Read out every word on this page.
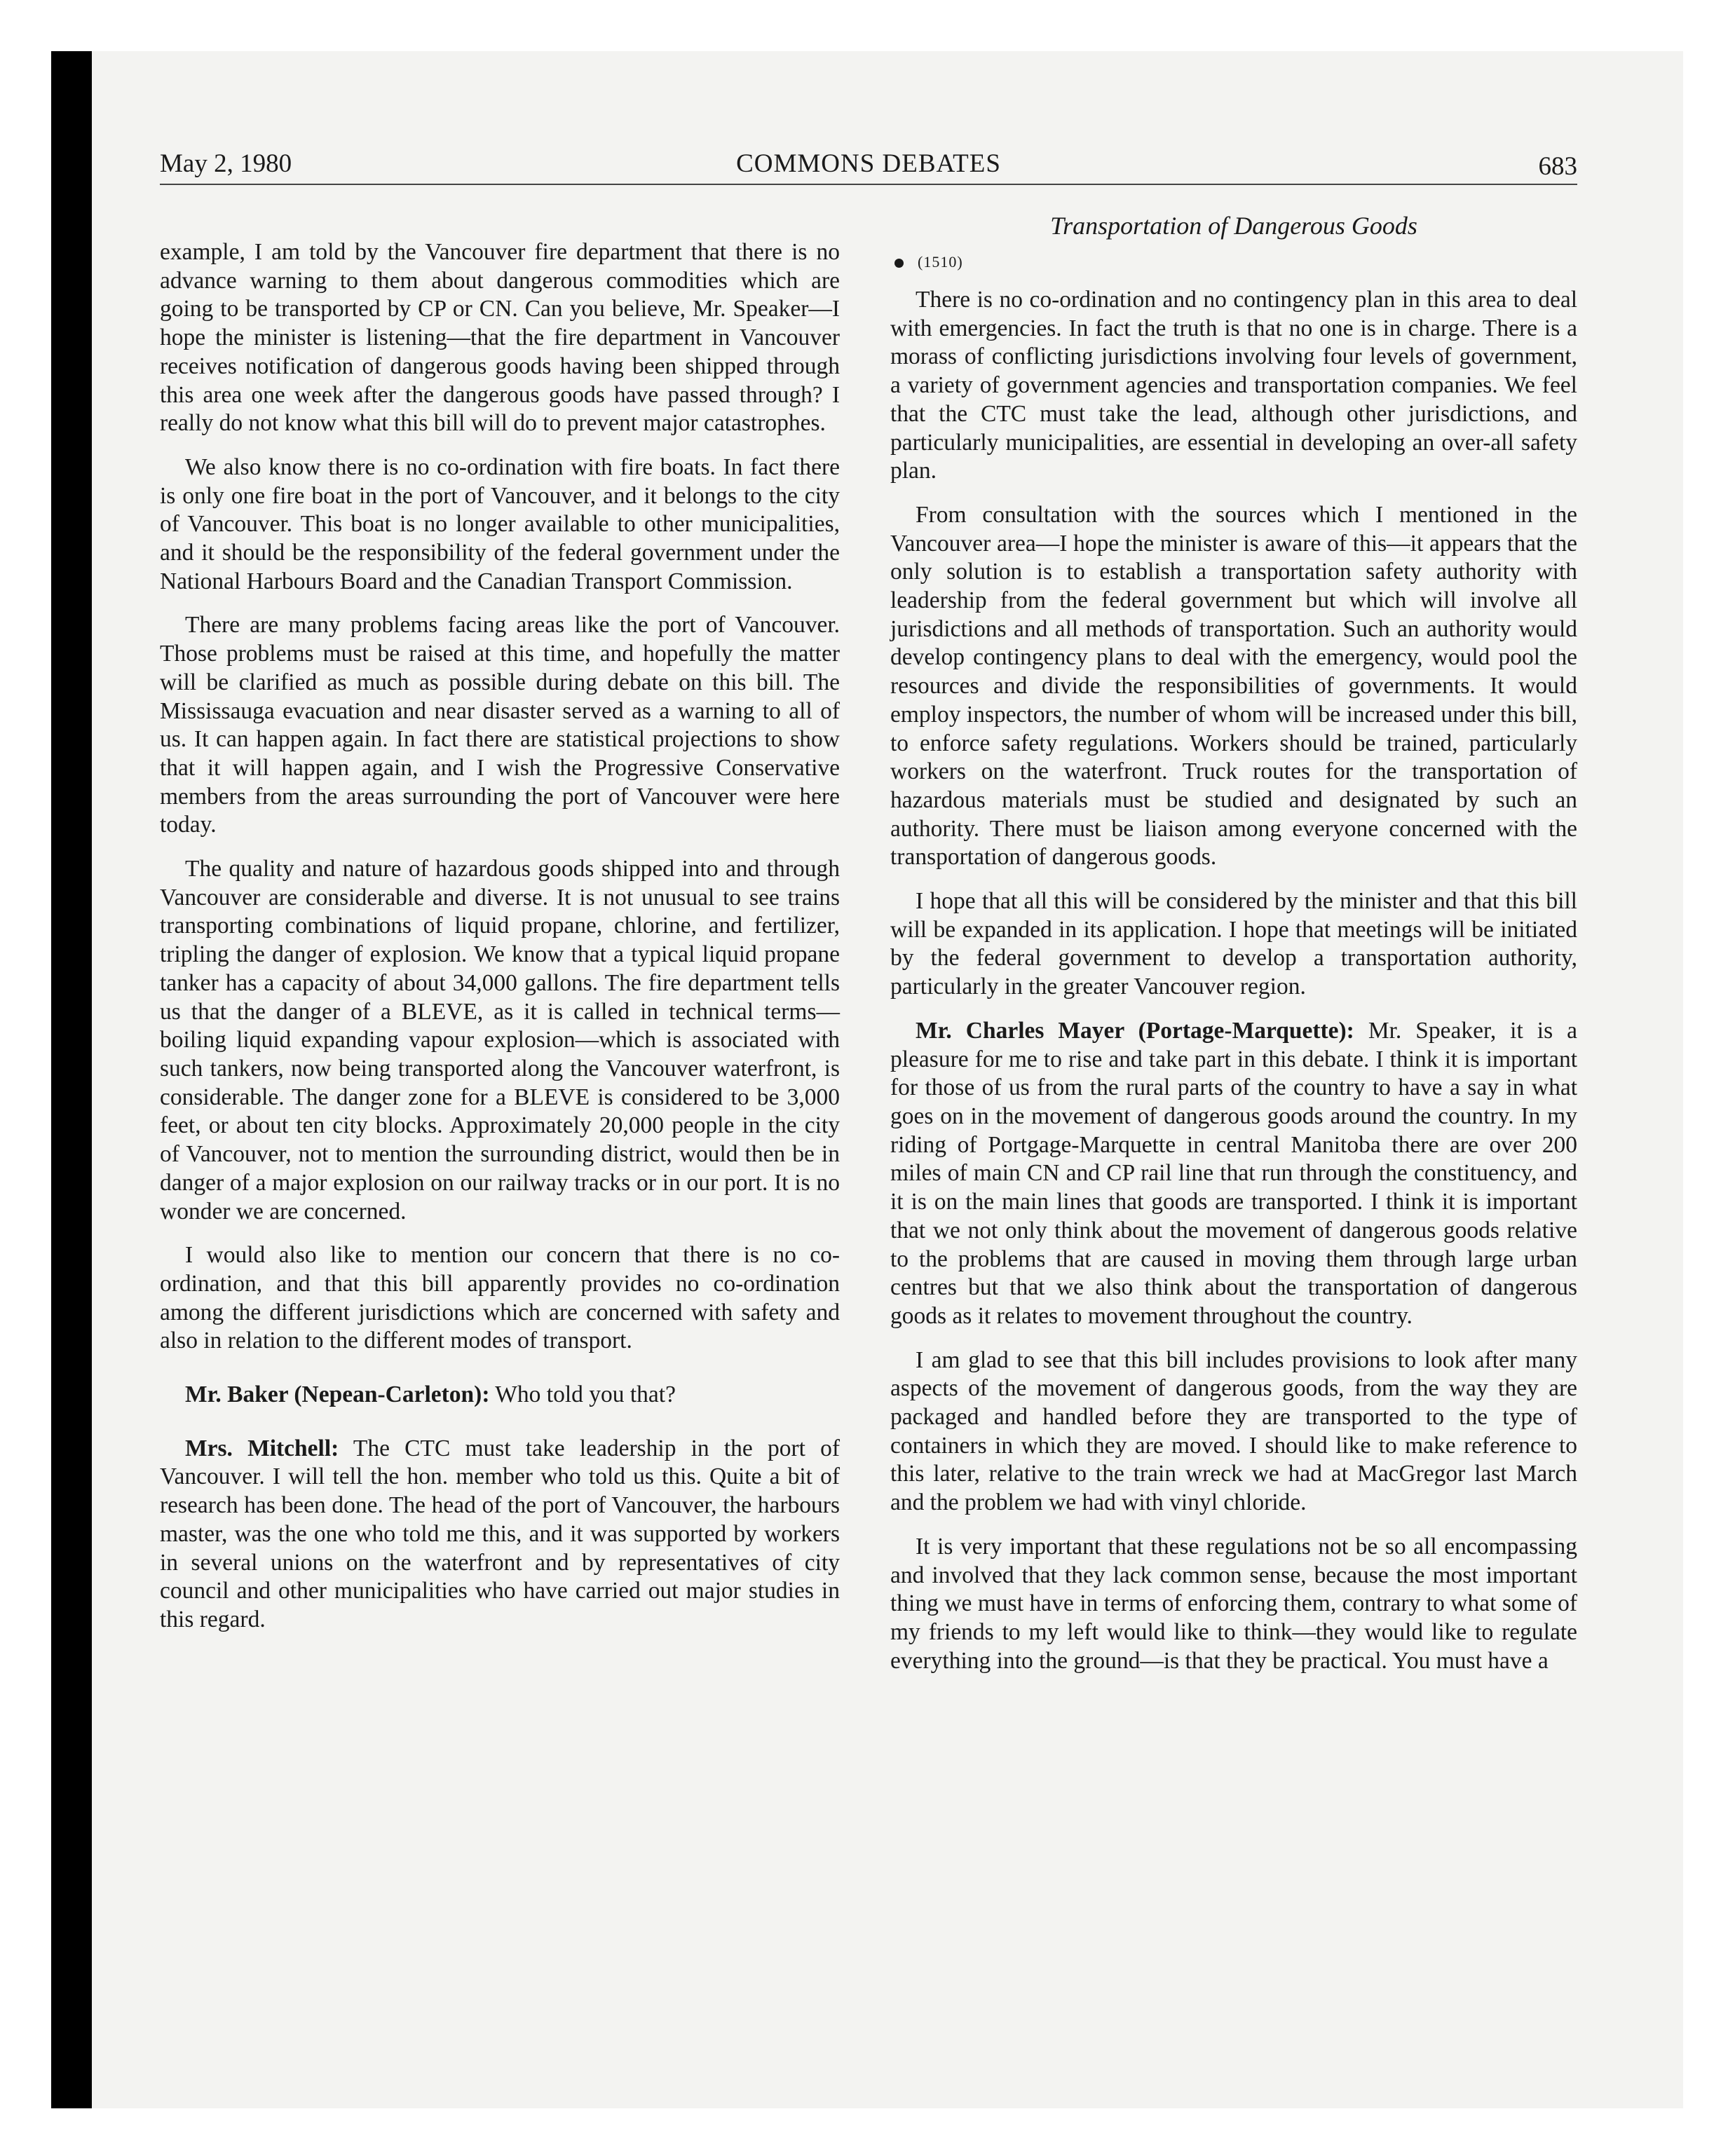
May 2, 1980	COMMONS DEBATES	683

example, I am told by the Vancouver fire department that there is no advance warning to them about dangerous commodities which are going to be transported by CP or CN. Can you believe, Mr. Speaker—I hope the minister is listening—that the fire department in Vancouver receives notification of dangerous goods having been shipped through this area one week after the dangerous goods have passed through? I really do not know what this bill will do to prevent major catastrophes.

We also know there is no co-ordination with fire boats. In fact there is only one fire boat in the port of Vancouver, and it belongs to the city of Vancouver. This boat is no longer available to other municipalities, and it should be the responsibility of the federal government under the National Harbours Board and the Canadian Transport Commission.

There are many problems facing areas like the port of Vancouver. Those problems must be raised at this time, and hopefully the matter will be clarified as much as possible during debate on this bill. The Mississauga evacuation and near disaster served as a warning to all of us. It can happen again. In fact there are statistical projections to show that it will happen again, and I wish the Progressive Conservative members from the areas surrounding the port of Vancouver were here today.

The quality and nature of hazardous goods shipped into and through Vancouver are considerable and diverse. It is not unusual to see trains transporting combinations of liquid propane, chlorine, and fertilizer, tripling the danger of explosion. We know that a typical liquid propane tanker has a capacity of about 34,000 gallons. The fire department tells us that the danger of a BLEVE, as it is called in technical terms—boiling liquid expanding vapour explosion—which is associated with such tankers, now being transported along the Vancouver waterfront, is considerable. The danger zone for a BLEVE is considered to be 3,000 feet, or about ten city blocks. Approximately 20,000 people in the city of Vancouver, not to mention the surrounding district, would then be in danger of a major explosion on our railway tracks or in our port. It is no wonder we are concerned.

I would also like to mention our concern that there is no co-ordination, and that this bill apparently provides no co-ordination among the different jurisdictions which are concerned with safety and also in relation to the different modes of transport.

Mr. Baker (Nepean-Carleton): Who told you that?

Mrs. Mitchell: The CTC must take leadership in the port of Vancouver. I will tell the hon. member who told us this. Quite a bit of research has been done. The head of the port of Vancouver, the harbours master, was the one who told me this, and it was supported by workers in several unions on the waterfront and by representatives of city council and other municipalities who have carried out major studies in this regard.

Transportation of Dangerous Goods
(1510)

There is no co-ordination and no contingency plan in this area to deal with emergencies. In fact the truth is that no one is in charge. There is a morass of conflicting jurisdictions involving four levels of government, a variety of government agencies and transportation companies. We feel that the CTC must take the lead, although other jurisdictions, and particularly municipalities, are essential in developing an over-all safety plan.

From consultation with the sources which I mentioned in the Vancouver area—I hope the minister is aware of this—it appears that the only solution is to establish a transportation safety authority with leadership from the federal government but which will involve all jurisdictions and all methods of transportation. Such an authority would develop contingency plans to deal with the emergency, would pool the resources and divide the responsibilities of governments. It would employ inspectors, the number of whom will be increased under this bill, to enforce safety regulations. Workers should be trained, particularly workers on the waterfront. Truck routes for the transportation of hazardous materials must be studied and designated by such an authority. There must be liaison among everyone concerned with the transportation of dangerous goods.

I hope that all this will be considered by the minister and that this bill will be expanded in its application. I hope that meetings will be initiated by the federal government to develop a transportation authority, particularly in the greater Vancouver region.

Mr. Charles Mayer (Portage-Marquette): Mr. Speaker, it is a pleasure for me to rise and take part in this debate. I think it is important for those of us from the rural parts of the country to have a say in what goes on in the movement of dangerous goods around the country. In my riding of Portgage-Marquette in central Manitoba there are over 200 miles of main CN and CP rail line that run through the constituency, and it is on the main lines that goods are transported. I think it is important that we not only think about the movement of dangerous goods relative to the problems that are caused in moving them through large urban centres but that we also think about the transportation of dangerous goods as it relates to movement throughout the country.

I am glad to see that this bill includes provisions to look after many aspects of the movement of dangerous goods, from the way they are packaged and handled before they are transported to the type of containers in which they are moved. I should like to make reference to this later, relative to the train wreck we had at MacGregor last March and the problem we had with vinyl chloride.

It is very important that these regulations not be so all encompassing and involved that they lack common sense, because the most important thing we must have in terms of enforcing them, contrary to what some of my friends to my left would like to think—they would like to regulate everything into the ground—is that they be practical. You must have a
